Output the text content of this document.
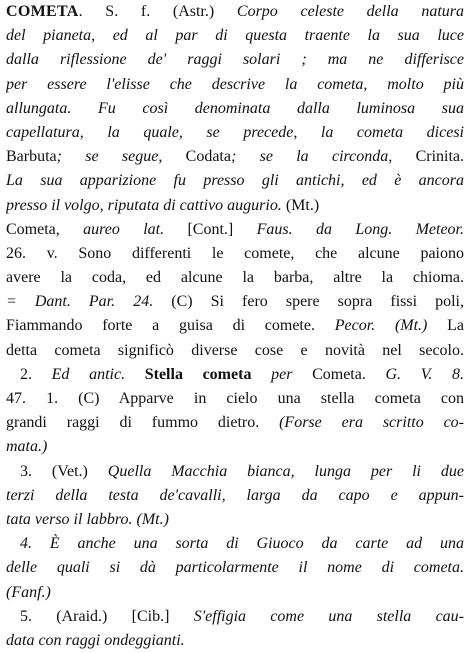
COMETA. S. f. (Astr.) Corpo celeste della natura
del pianeta, ed al par di questa traente la sua luce
dalla riflessione de' raggi solari ; ma ne differisce
per essere l'elisse che descrive la cometa, molto più
allungata. Fu così denominata dalla luminosa sua
capellatura, la quale, se precede, la cometa dicesi
Barbuta; se segue, Codata; se la circonda, Crinita.
La sua apparizione fu presso gli antichi, ed è ancora
presso il volgo, riputata di cattivo augurio. (Mt.)
Cometa, aureo lat. [Cont.] Faus. da Long. Meteor.
26. v. Sono differenti le comete, che alcune paiono
avere la coda, ed alcune la barba, altre la chioma.
= Dant. Par. 24. (C) Si fero spere sopra fissi poli,
Fiammando forte a guisa di comete. Pecor. (Mt.) La
detta cometa significò diverse cose e novità nel secolo.
2. Ed antic. Stella cometa per Cometa. G. V. 8.
47. 1. (C) Apparve in cielo una stella cometa con
grandi raggi di fummo dietro. (Forse era scritto co-
mata.)
3. (Vet.) Quella Macchia bianca, lunga per li due
terzi della testa de'cavalli, larga da capo e appun-
tata verso il labbro. (Mt.)
4. È anche una sorta di Giuoco da carte ad una
delle quali si dà particolarmente il nome di cometa.
(Fanf.)
5. (Araid.) [Cib.] S'effigia come una stella cau-
data con raggi ondeggianti.
